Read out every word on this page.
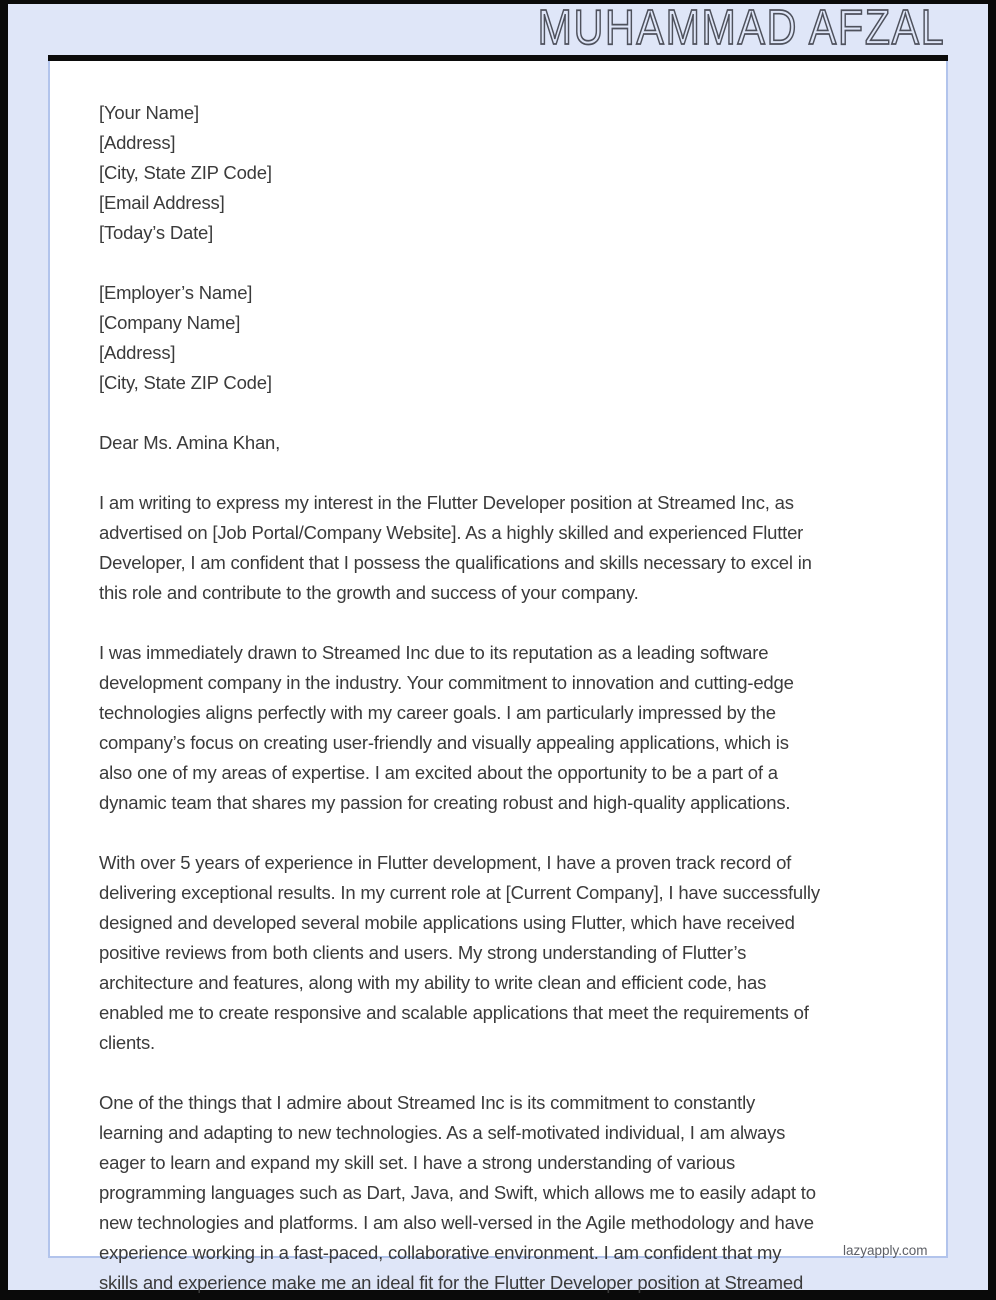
MUHAMMAD AFZAL
[Your Name]
[Address]
[City, State ZIP Code]
[Email Address]
[Today’s Date]
[Employer’s Name]
[Company Name]
[Address]
[City, State ZIP Code]
Dear Ms. Amina Khan,
I am writing to express my interest in the Flutter Developer position at Streamed Inc, as
advertised on [Job Portal/Company Website]. As a highly skilled and experienced Flutter
Developer, I am confident that I possess the qualifications and skills necessary to excel in
this role and contribute to the growth and success of your company.
I was immediately drawn to Streamed Inc due to its reputation as a leading software
development company in the industry. Your commitment to innovation and cutting-edge
technologies aligns perfectly with my career goals. I am particularly impressed by the
company’s focus on creating user-friendly and visually appealing applications, which is
also one of my areas of expertise. I am excited about the opportunity to be a part of a
dynamic team that shares my passion for creating robust and high-quality applications.
With over 5 years of experience in Flutter development, I have a proven track record of
delivering exceptional results. In my current role at [Current Company], I have successfully
designed and developed several mobile applications using Flutter, which have received
positive reviews from both clients and users. My strong understanding of Flutter’s
architecture and features, along with my ability to write clean and efficient code, has
enabled me to create responsive and scalable applications that meet the requirements of
clients.
One of the things that I admire about Streamed Inc is its commitment to constantly
learning and adapting to new technologies. As a self-motivated individual, I am always
eager to learn and expand my skill set. I have a strong understanding of various
programming languages such as Dart, Java, and Swift, which allows me to easily adapt to
new technologies and platforms. I am also well-versed in the Agile methodology and have
experience working in a fast-paced, collaborative environment. I am confident that my
skills and experience make me an ideal fit for the Flutter Developer position at Streamed
lazyapply.com
